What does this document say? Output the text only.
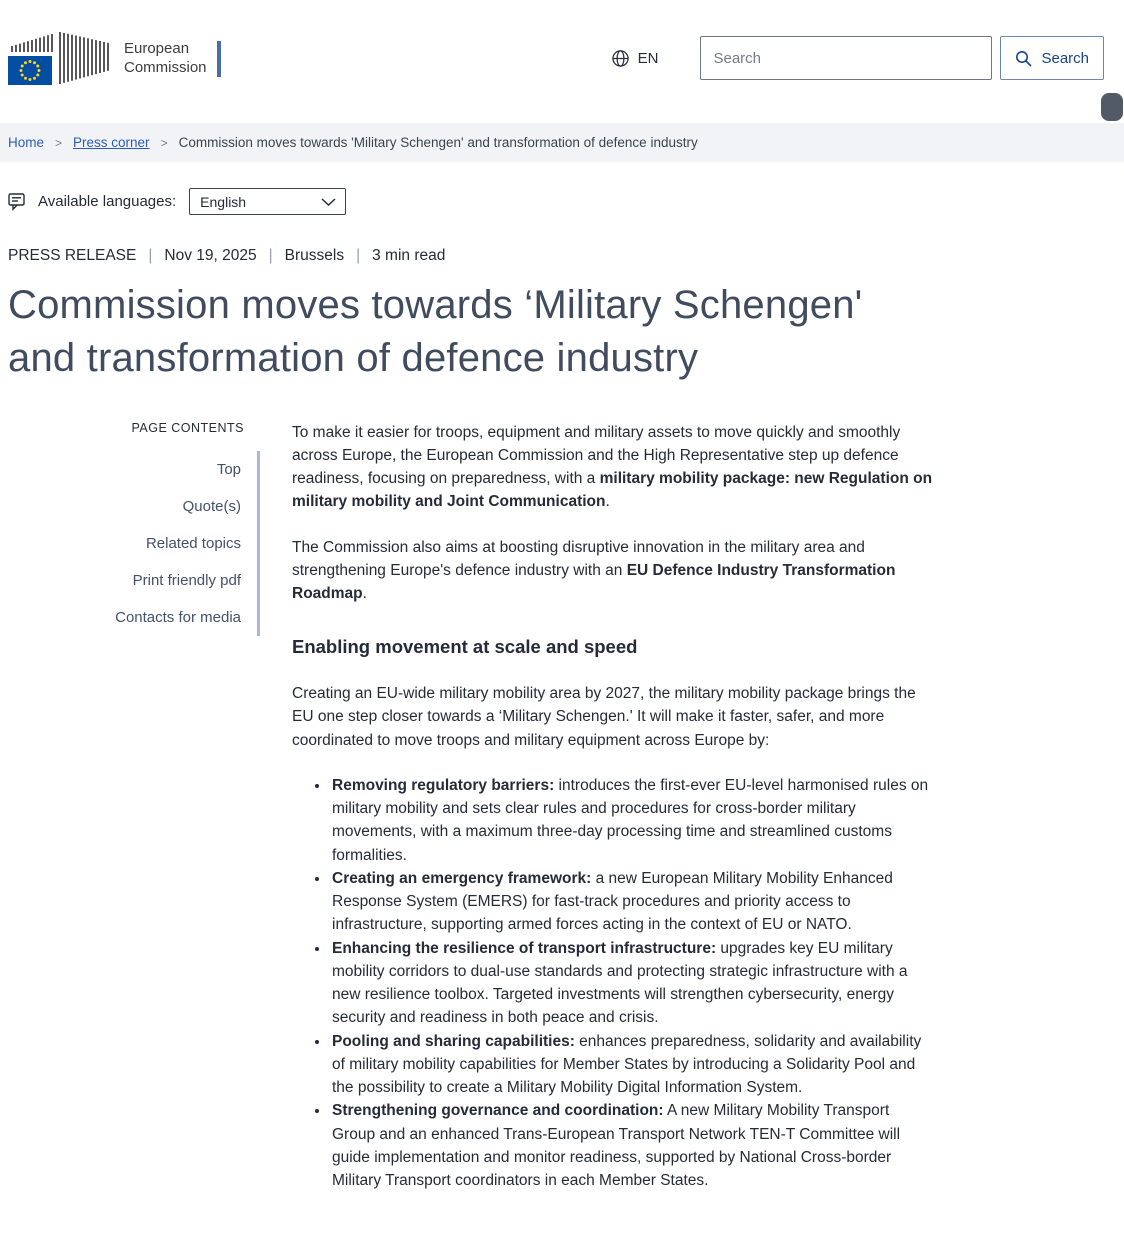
European
Commission
EN
Search	Search
Home > Press corner > Commission moves towards 'Military Schengen' and transformation of defence industry
Available languages: English
PRESS RELEASE | Nov 19, 2025 | Brussels | 3 min read
Commission moves towards ‘Military Schengen' and transformation of defence industry
PAGE CONTENTS
Top
Quote(s)
Related topics
Print friendly pdf
Contacts for media

To make it easier for troops, equipment and military assets to move quickly and smoothly across Europe, the European Commission and the High Representative step up defence readiness, focusing on preparedness, with a military mobility package: new Regulation on military mobility and Joint Communication.

The Commission also aims at boosting disruptive innovation in the military area and strengthening Europe's defence industry with an EU Defence Industry Transformation Roadmap.

Enabling movement at scale and speed

Creating an EU-wide military mobility area by 2027, the military mobility package brings the EU one step closer towards a ‘Military Schengen.' It will make it faster, safer, and more coordinated to move troops and military equipment across Europe by:

• Removing regulatory barriers: introduces the first-ever EU-level harmonised rules on military mobility and sets clear rules and procedures for cross-border military movements, with a maximum three-day processing time and streamlined customs formalities.
• Creating an emergency framework: a new European Military Mobility Enhanced Response System (EMERS) for fast-track procedures and priority access to infrastructure, supporting armed forces acting in the context of EU or NATO.
• Enhancing the resilience of transport infrastructure: upgrades key EU military mobility corridors to dual-use standards and protecting strategic infrastructure with a new resilience toolbox. Targeted investments will strengthen cybersecurity, energy security and readiness in both peace and crisis.
• Pooling and sharing capabilities: enhances preparedness, solidarity and availability of military mobility capabilities for Member States by introducing a Solidarity Pool and the possibility to create a Military Mobility Digital Information System.
• Strengthening governance and coordination: A new Military Mobility Transport Group and an enhanced Trans-European Transport Network TEN-T Committee will guide implementation and monitor readiness, supported by National Cross-border Military Transport coordinators in each Member States.
